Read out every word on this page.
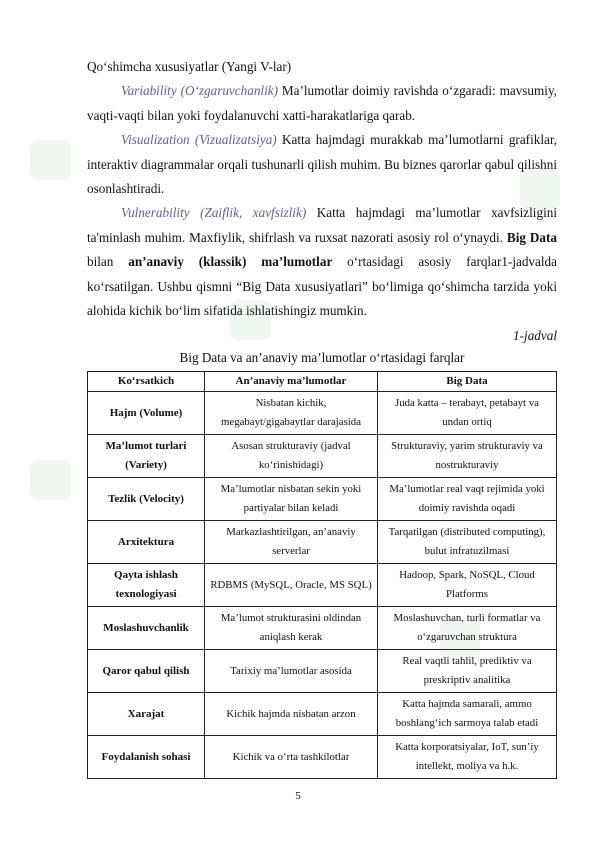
Qo‘shimcha xususiyatlar (Yangi V-lar)

Variability (O‘zgaruvchanlik) Ma’lumotlar doimiy ravishda o‘zgaradi: mavsumiy, vaqti-vaqti bilan yoki foydalanuvchi xatti-harakatlariga qarab.

Visualization (Vizualizatsiya) Katta hajmdagi murakkab ma’lumotlarni grafiklar, interaktiv diagrammalar orqali tushunarli qilish muhim. Bu biznes qarorlar qabul qilishni osonlashtiradi.

Vulnerability (Zaiflik, xavfsizlik) Katta hajmdagi ma’lumotlar xavfsizligini ta'minlash muhim. Maxfiylik, shifrlash va ruxsat nazorati asosiy rol o‘ynaydi. Big Data bilan an’anaviy (klassik) ma’lumotlar o‘rtasidagi asosiy farqlar1-jadvalda ko‘rsatilgan. Ushbu qismni “Big Data xususiyatlari” bo‘limiga qo‘shimcha tarzida yoki alohida kichik bo‘lim sifatida ishlatishingiz mumkin.

1-jadval
Big Data va an’anaviy ma’lumotlar o‘rtasidagi farqlar
Ko‘rsatkich	An’anaviy ma’lumotlar	Big Data
Hajm (Volume)	Nisbatan kichik, megabayt/gigabaytlar darajasida	Juda katta – terabayt, petabayt va undan ortiq
Ma’lumot turlari (Variety)	Asosan strukturaviy (jadval ko‘rinishidagi)	Strukturaviy, yarim strukturaviy va nostrukturaviy
Tezlik (Velocity)	Ma’lumotlar nisbatan sekin yoki partiyalar bilan keladi	Ma’lumotlar real vaqt rejimida yoki doimiy ravishda oqadi
Arxitektura	Markazlashtirilgan, an’anaviy serverlar	Tarqatilgan (distributed computing), bulut infratuzilmasi
Qayta ishlash texnologiyasi	RDBMS (MySQL, Oracle, MS SQL)	Hadoop, Spark, NoSQL, Cloud Platforms
Moslashuvchanlik	Ma’lumot strukturasini oldindan aniqlash kerak	Moslashuvchan, turli formatlar va o‘zgaruvchan struktura
Qaror qabul qilish	Tarixiy ma’lumotlar asosida	Real vaqtli tahlil, prediktiv va preskriptiv analitika
Xarajat	Kichik hajmda nisbatan arzon	Katta hajmda samarali, ammo boshlang‘ich sarmoya talab etadi
Foydalanish sohasi	Kichik va o‘rta tashkilotlar	Katta korporatsiyalar, IoT, sun’iy intellekt, moliya va h.k.
5
